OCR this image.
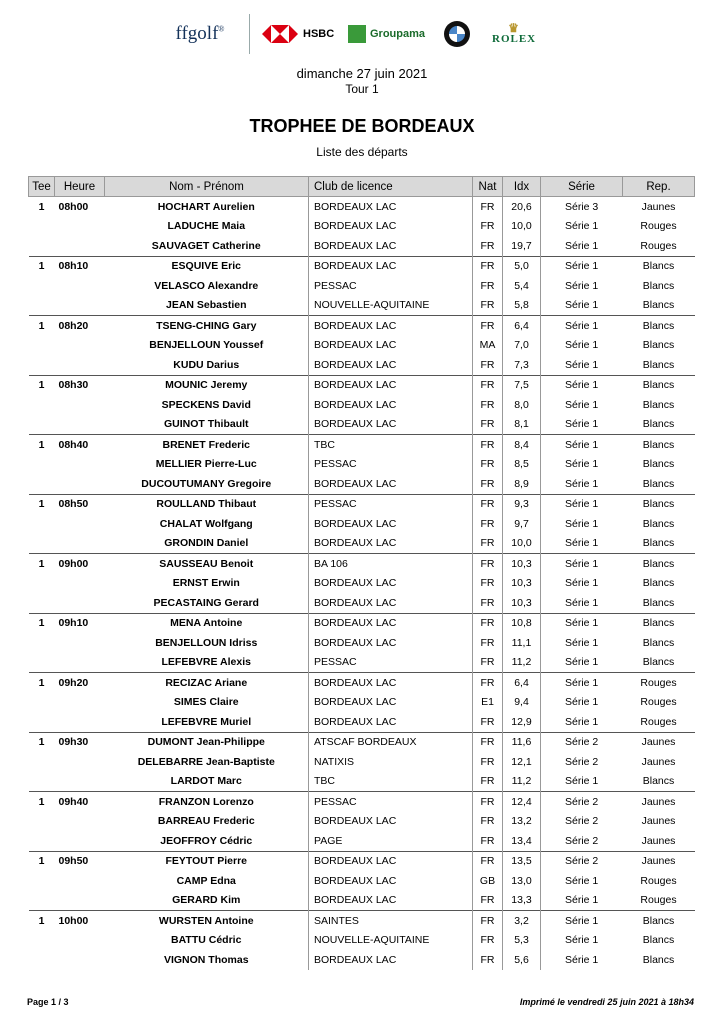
ffgolf®	HSBC	Groupama	♛
ROLEX
dimanche 27 juin 2021
Tour 1
TROPHEE DE BORDEAUX
Liste des départs
Tee	Heure	Nom - Prénom	Club de licence	Nat	Idx	Série	Rep.
1	08h00	HOCHART Aurelien	BORDEAUX LAC	FR	20,6	Série 3	Jaunes
		LADUCHE Maia	BORDEAUX LAC	FR	10,0	Série 1	Rouges
		SAUVAGET Catherine	BORDEAUX LAC	FR	19,7	Série 1	Rouges
1	08h10	ESQUIVE Eric	BORDEAUX LAC	FR	5,0	Série 1	Blancs
		VELASCO Alexandre	PESSAC	FR	5,4	Série 1	Blancs
		JEAN Sebastien	NOUVELLE-AQUITAINE	FR	5,8	Série 1	Blancs
1	08h20	TSENG-CHING Gary	BORDEAUX LAC	FR	6,4	Série 1	Blancs
		BENJELLOUN Youssef	BORDEAUX LAC	MA	7,0	Série 1	Blancs
		KUDU Darius	BORDEAUX LAC	FR	7,3	Série 1	Blancs
1	08h30	MOUNIC Jeremy	BORDEAUX LAC	FR	7,5	Série 1	Blancs
		SPECKENS David	BORDEAUX LAC	FR	8,0	Série 1	Blancs
		GUINOT Thibault	BORDEAUX LAC	FR	8,1	Série 1	Blancs
1	08h40	BRENET Frederic	TBC	FR	8,4	Série 1	Blancs
		MELLIER Pierre-Luc	PESSAC	FR	8,5	Série 1	Blancs
		DUCOUTUMANY Gregoire	BORDEAUX LAC	FR	8,9	Série 1	Blancs
1	08h50	ROULLAND Thibaut	PESSAC	FR	9,3	Série 1	Blancs
		CHALAT Wolfgang	BORDEAUX LAC	FR	9,7	Série 1	Blancs
		GRONDIN Daniel	BORDEAUX LAC	FR	10,0	Série 1	Blancs
1	09h00	SAUSSEAU Benoit	BA 106	FR	10,3	Série 1	Blancs
		ERNST Erwin	BORDEAUX LAC	FR	10,3	Série 1	Blancs
		PECASTAING Gerard	BORDEAUX LAC	FR	10,3	Série 1	Blancs
1	09h10	MENA Antoine	BORDEAUX LAC	FR	10,8	Série 1	Blancs
		BENJELLOUN Idriss	BORDEAUX LAC	FR	11,1	Série 1	Blancs
		LEFEBVRE Alexis	PESSAC	FR	11,2	Série 1	Blancs
1	09h20	RECIZAC Ariane	BORDEAUX LAC	FR	6,4	Série 1	Rouges
		SIMES Claire	BORDEAUX LAC	E1	9,4	Série 1	Rouges
		LEFEBVRE Muriel	BORDEAUX LAC	FR	12,9	Série 1	Rouges
1	09h30	DUMONT Jean-Philippe	ATSCAF BORDEAUX	FR	11,6	Série 2	Jaunes
		DELEBARRE Jean-Baptiste	NATIXIS	FR	12,1	Série 2	Jaunes
		LARDOT Marc	TBC	FR	11,2	Série 1	Blancs
1	09h40	FRANZON Lorenzo	PESSAC	FR	12,4	Série 2	Jaunes
		BARREAU Frederic	BORDEAUX LAC	FR	13,2	Série 2	Jaunes
		JEOFFROY Cédric	PAGE	FR	13,4	Série 2	Jaunes
1	09h50	FEYTOUT Pierre	BORDEAUX LAC	FR	13,5	Série 2	Jaunes
		CAMP Edna	BORDEAUX LAC	GB	13,0	Série 1	Rouges
		GERARD Kim	BORDEAUX LAC	FR	13,3	Série 1	Rouges
1	10h00	WURSTEN Antoine	SAINTES	FR	3,2	Série 1	Blancs
		BATTU Cédric	NOUVELLE-AQUITAINE	FR	5,3	Série 1	Blancs
		VIGNON Thomas	BORDEAUX LAC	FR	5,6	Série 1	Blancs
Page 1 / 3	Imprimé le vendredi 25 juin 2021 à 18h34
